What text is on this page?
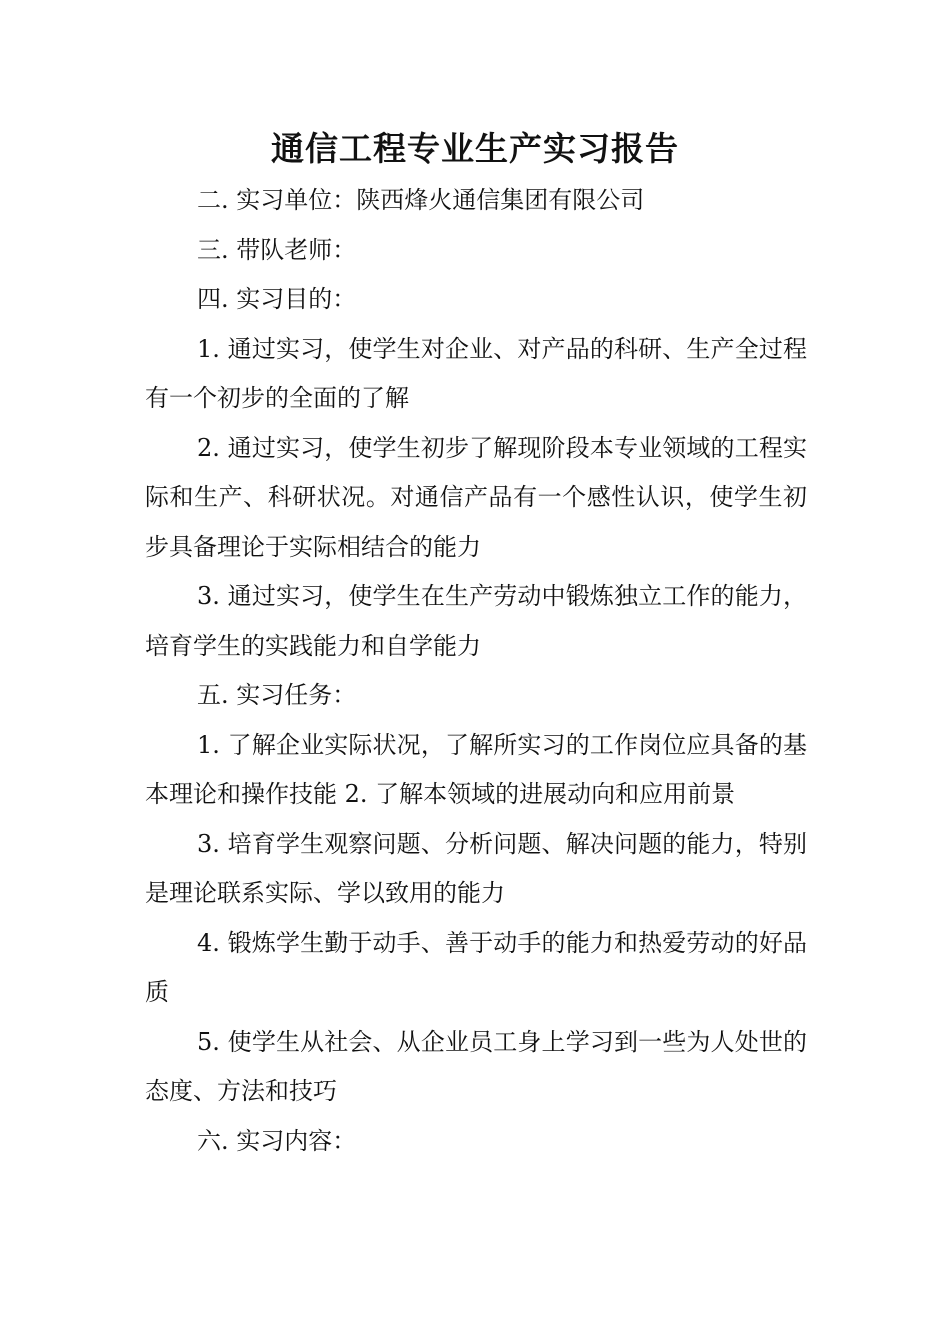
通信工程专业生产实习报告

二. 实习单位：陕西烽火通信集团有限公司

三. 带队老师：

四. 实习目的：

1. 通过实习，使学生对企业、对产品的科研、生产全过程有一个初步的全面的了解

2. 通过实习，使学生初步了解现阶段本专业领域的工程实际和生产、科研状况。对通信产品有一个感性认识，使学生初步具备理论于实际相结合的能力

3. 通过实习，使学生在生产劳动中锻炼独立工作的能力，培育学生的实践能力和自学能力

五. 实习任务：

1. 了解企业实际状况，了解所实习的工作岗位应具备的基本理论和操作技能 2. 了解本领域的进展动向和应用前景

3. 培育学生观察问题、分析问题、解决问题的能力，特别是理论联系实际、学以致用的能力

4. 锻炼学生勤于动手、善于动手的能力和热爱劳动的好品质

5. 使学生从社会、从企业员工身上学习到一些为人处世的态度、方法和技巧

六. 实习内容：
